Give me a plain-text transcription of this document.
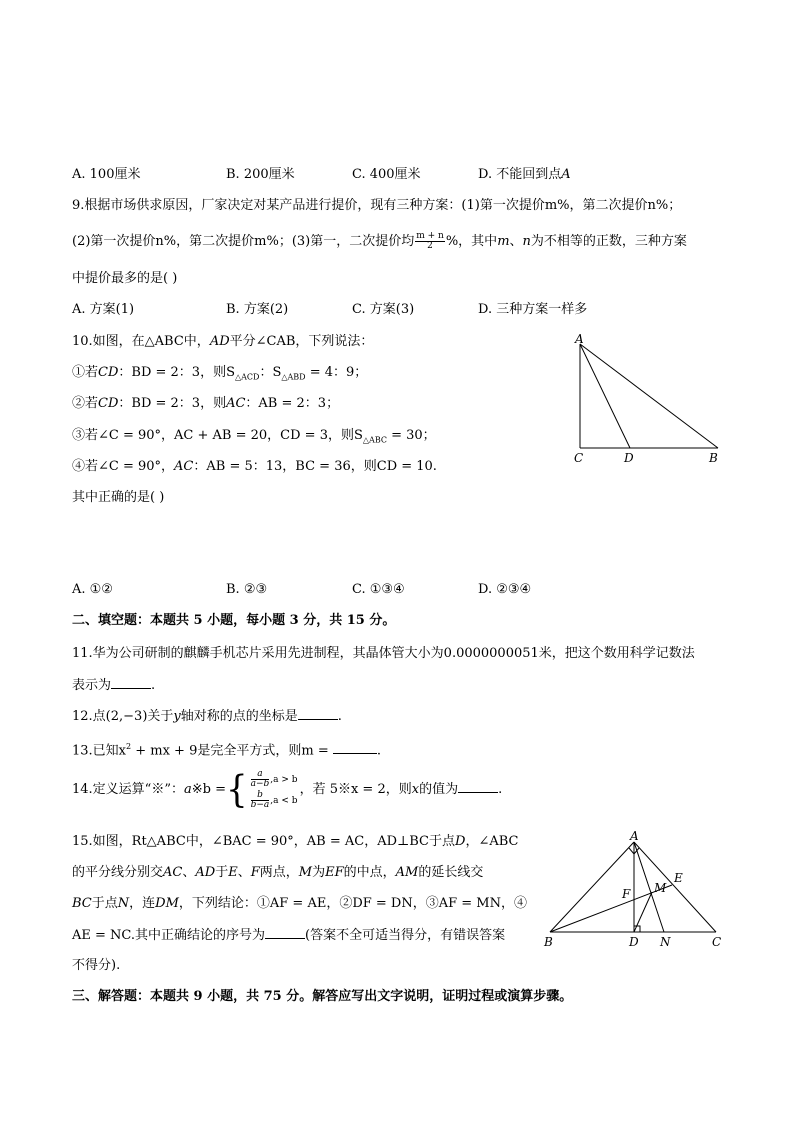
A. 100厘米	B. 200厘米	C. 400厘米	D. 不能回到点A
9.根据市场供求原因，厂家决定对某产品进行提价，现有三种方案：(1)第一次提价m%，第二次提价n%；
(2)第一次提价n%，第二次提价m%；(3)第一，二次提价均 $\frac{m + n}{2}$ %，其中m、n为不相等的正数，三种方案
中提价最多的是( )
A. 方案(1)	B. 方案(2)	C. 方案(3)	D. 三种方案一样多
10.如图，在△ABC中，AD平分∠CAB，下列说法：
①若CD：BD = 2：3，则$S_{\triangle ACD}$：$S_{\triangle ABD} = 4$：9；
②若CD：BD = 2：3，则AC：AB = 2：3；
③若∠C = 90°，AC + AB = 20，CD = 3，则$S_{\triangle ABC} = 30$；
④若∠C = 90°，AC：AB = 5：13，BC = 36，则CD = 10.
其中正确的是( )
A
C	D	B
A. ①②	B. ②③	C. ①③④	D. ②③④
二、填空题：本题共 5 小题，每小题 3 分，共 15 分。
11.华为公司研制的麒麟手机芯片采用先进制程，其晶体管大小为0.0000000051米，把这个数用科学记数法
表示为	.
12.点(2,−3)关于y轴对称的点的坐标是	.
13.已知$x^2$ + mx + 9是完全平方式，则m =	.
14.定义运算“※”：a※b ={ $\frac{a}{a-b} ,a > b$
$\frac{b}{b-a} ,a < b$
，若 5※x = 2，则x的值为	.
15.如图，Rt△ABC中，∠BAC = 90°，AB = AC，AD⊥BC于点D，∠ABC
的平分线分别交AC、AD于E、F两点，M为EF的中点，AM的延长线交
BC于点N，连DM，下列结论：①AF = AE，②DF = DN，③AF = MN，④
AE = NC.其中正确结论的序号为	(答案不全可适当得分，有错误答案
不得分).
A
E
F M
B	D N	C
三、解答题：本题共 9 小题，共 75 分。解答应写出文字说明，证明过程或演算步骤。
